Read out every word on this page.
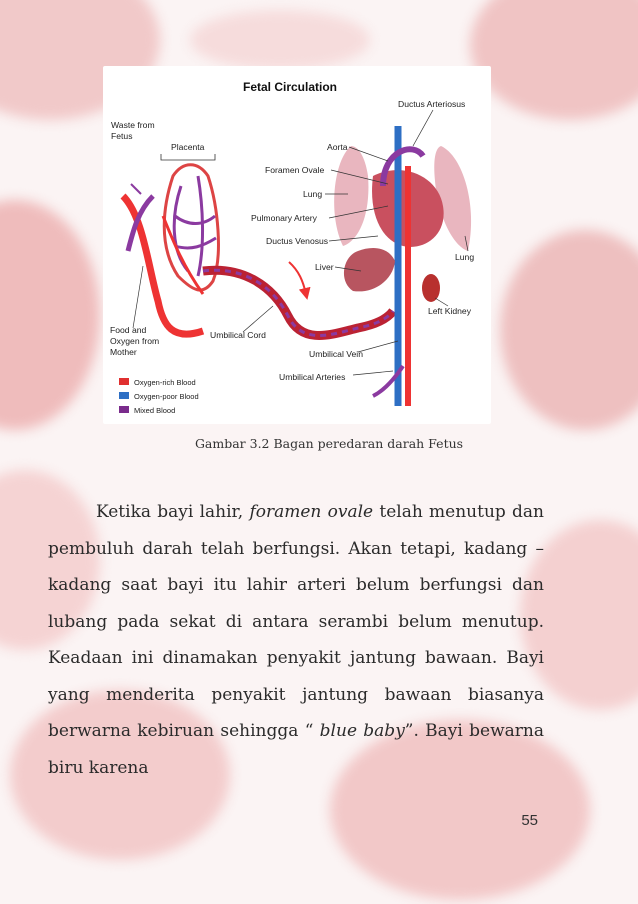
Fetal Circulation
Waste from
Fetus
Placenta
Ductus Arteriosus
Aorta
Foramen Ovale
Lung
Pulmonary Artery
Ductus Venosus
Liver
Lung
Left Kidney
Food and
Oxygen from
Mother
Umbilical Cord
Umbilical Vein
Umbilical Arteries
Oxygen-rich Blood
Oxygen-poor Blood
Mixed Blood
Gambar 3.2 Bagan peredaran darah Fetus

Ketika bayi lahir, foramen ovale telah menutup dan pembuluh darah telah berfungsi. Akan tetapi, kadang – kadang saat bayi itu lahir arteri belum berfungsi dan lubang pada sekat di antara serambi belum menutup. Keadaan ini dinamakan penyakit jantung bawaan. Bayi yang menderita penyakit jantung bawaan biasanya berwarna kebiruan sehingga “ blue baby”. Bayi bewarna biru karena

55
